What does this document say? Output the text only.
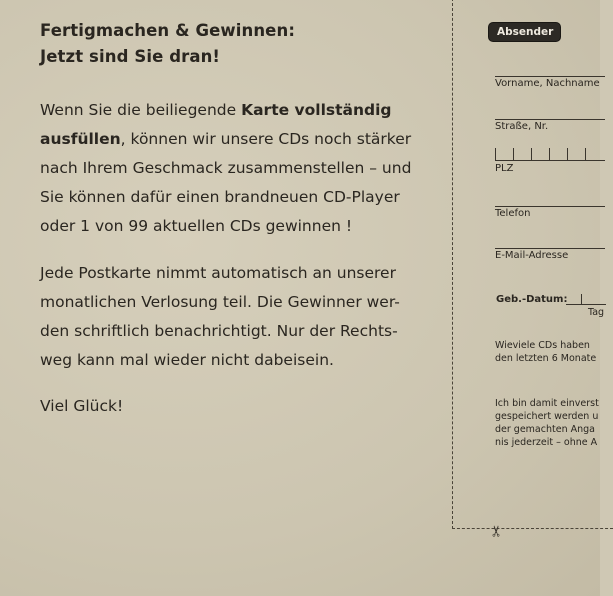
Fertigmachen & Gewinnen:
Jetzt sind Sie dran!

Wenn Sie die beiliegende Karte vollständig
ausfüllen, können wir unsere CDs noch stärker
nach Ihrem Geschmack zusammenstellen – und
Sie können dafür einen brandneuen CD-Player
oder 1 von 99 aktuellen CDs gewinnen !
Jede Postkarte nimmt automatisch an unserer
monatlichen Verlosung teil. Die Gewinner wer-
den schriftlich benachrichtigt. Nur der Rechts-
weg kann mal wieder nicht dabeisein.
Viel Glück!
Absender
Vorname, Nachname
Straße, Nr.
PLZ
Telefon
E-Mail-Adresse
Geb.-Datum:
Tag
Wieviele CDs haben
den letzten 6 Monate
Ich bin damit einverst
gespeichert werden u
der gemachten Anga
nis jederzeit – ohne A
✂
